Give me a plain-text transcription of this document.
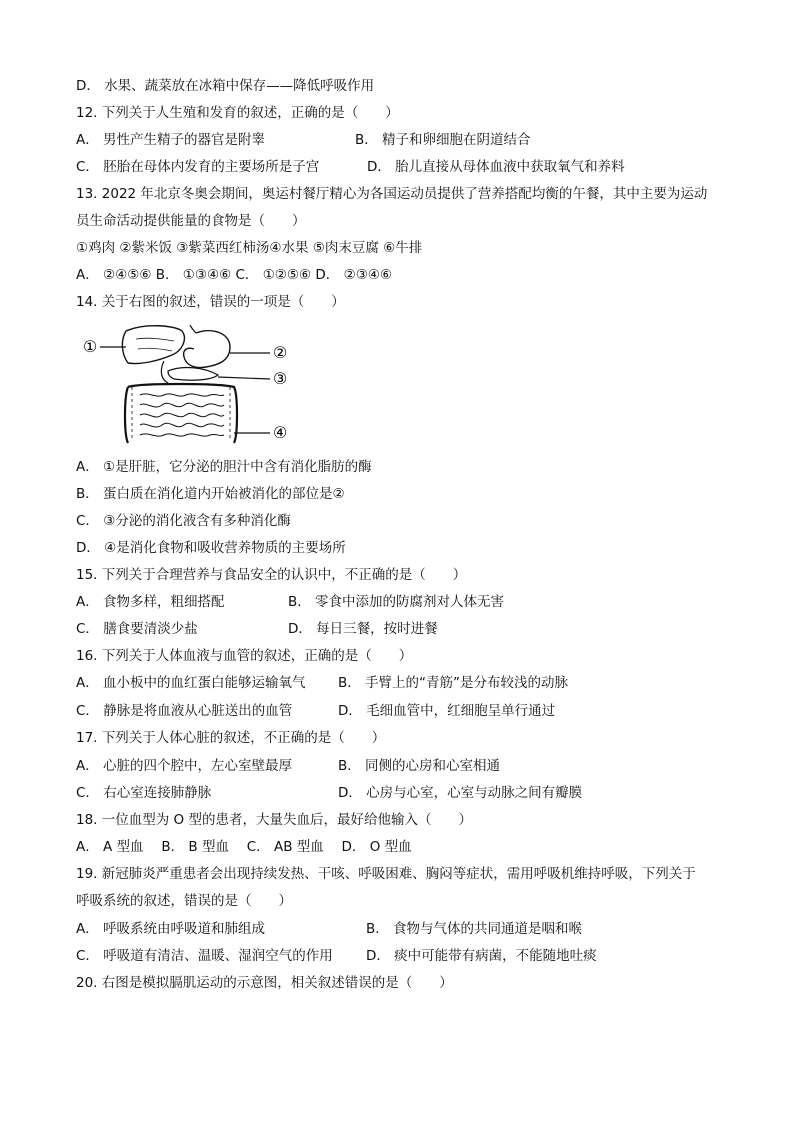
D． 水果、蔬菜放在冰箱中保存——降低呼吸作用
12. 下列关于人生殖和发育的叙述，正确的是（　　）
A． 男性产生精子的器官是附睾	B． 精子和卵细胞在阴道结合
C． 胚胎在母体内发育的主要场所是子宫	D． 胎儿直接从母体血液中获取氧气和养料
13. 2022 年北京冬奥会期间，奥运村餐厅精心为各国运动员提供了营养搭配均衡的午餐，其中主要为运动
员生命活动提供能量的食物是（　　）
①鸡肉 ②紫米饭 ③紫菜西红柿汤④水果 ⑤肉末豆腐 ⑥牛排
A． ②④⑤⑥ B． ①③④⑥ C． ①②⑤⑥ D． ②③④⑥
14. 关于右图的叙述，错误的一项是（　　）
①	②
③
④
A． ①是肝脏，它分泌的胆汁中含有消化脂肪的酶
B． 蛋白质在消化道内开始被消化的部位是②
C． ③分泌的消化液含有多种消化酶
D． ④是消化食物和吸收营养物质的主要场所
15. 下列关于合理营养与食品安全的认识中，不正确的是（　　）
A． 食物多样，粗细搭配	B． 零食中添加的防腐剂对人体无害
C． 膳食要清淡少盐	D． 每日三餐，按时进餐
16. 下列关于人体血液与血管的叙述，正确的是（　　）
A． 血小板中的血红蛋白能够运输氧气 B． 手臂上的“青筋”是分布较浅的动脉
C． 静脉是将血液从心脏送出的血管	D． 毛细血管中，红细胞呈单行通过
17. 下列关于人体心脏的叙述，不正确的是（　　）
A． 心脏的四个腔中，左心室壁最厚	B． 同侧的心房和心室相通
C． 右心室连接肺静脉	D． 心房与心室，心室与动脉之间有瓣膜
18. 一位血型为 O 型的患者，大量失血后，最好给他输入（　　）
A． A 型血　 B． B 型血　 C． AB 型血　 D． O 型血
19. 新冠肺炎严重患者会出现持续发热、干咳、呼吸困难、胸闷等症状，需用呼吸机维持呼吸，下列关于
呼吸系统的叙述，错误的是（　　）
A． 呼吸系统由呼吸道和肺组成	B． 食物与气体的共同通道是咽和喉
C． 呼吸道有清洁、温暖、湿润空气的作用 D． 痰中可能带有病菌，不能随地吐痰
20. 右图是模拟膈肌运动的示意图，相关叙述错误的是（　　）
